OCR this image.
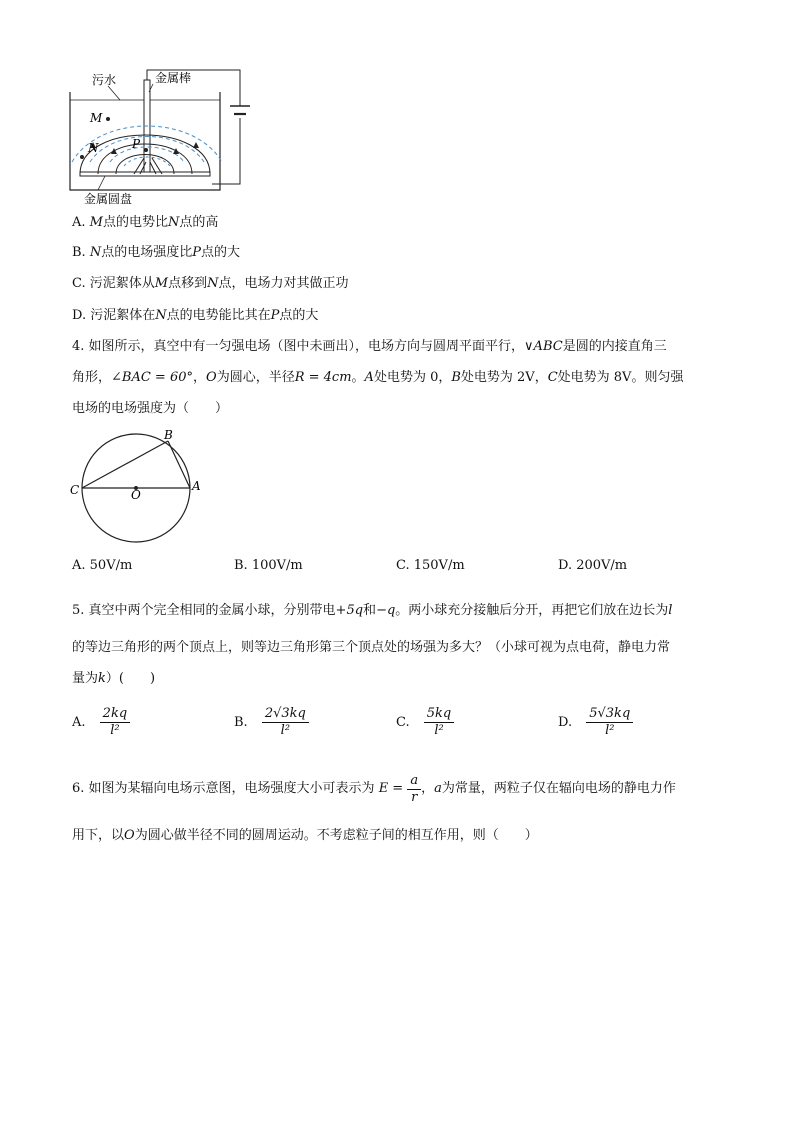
污水	金属棒
金属圆盘
M
N	P
A. M点的电势比N点的高
B. N点的电场强度比P点的大
C. 污泥絮体从M点移到N点，电场力对其做正功
D. 污泥絮体在N点的电势能比其在P点的大
4. 如图所示，真空中有一匀强电场（图中未画出），电场方向与圆周平面平行，∨ABC是圆的内接直角三
角形，∠BAC = 60°，O为圆心，半径R = 4cm。A处电势为 0，B处电势为 2V，C处电势为 8V。则匀强
电场的电场强度为（　　）
B
C	O
A
A. 50V/m	B. 100V/m	C. 150V/m	D. 200V/m
5. 真空中两个完全相同的金属小球，分别带电+5q和−q。两小球充分接触后分开，再把它们放在边长为l
的等边三角形的两个顶点上，则等边三角形第三个顶点处的场强为多大？（小球可视为点电荷，静电力常
量为k）(　　)
A. $\frac{2kq}{\text{l²}}$	B. $\frac{2√3kq}{\text{l²}}$	C. $\frac{5kq}{\text{l²}}$	D. $\frac{5√3kq}{\text{l²}}$
6. 如图为某辐向电场示意图，电场强度大小可表示为 $E = \frac{a}{r}$ ，a为常量，两粒子仅在辐向电场的静电力作
用下，以O为圆心做半径不同的圆周运动。不考虑粒子间的相互作用，则（　　）
